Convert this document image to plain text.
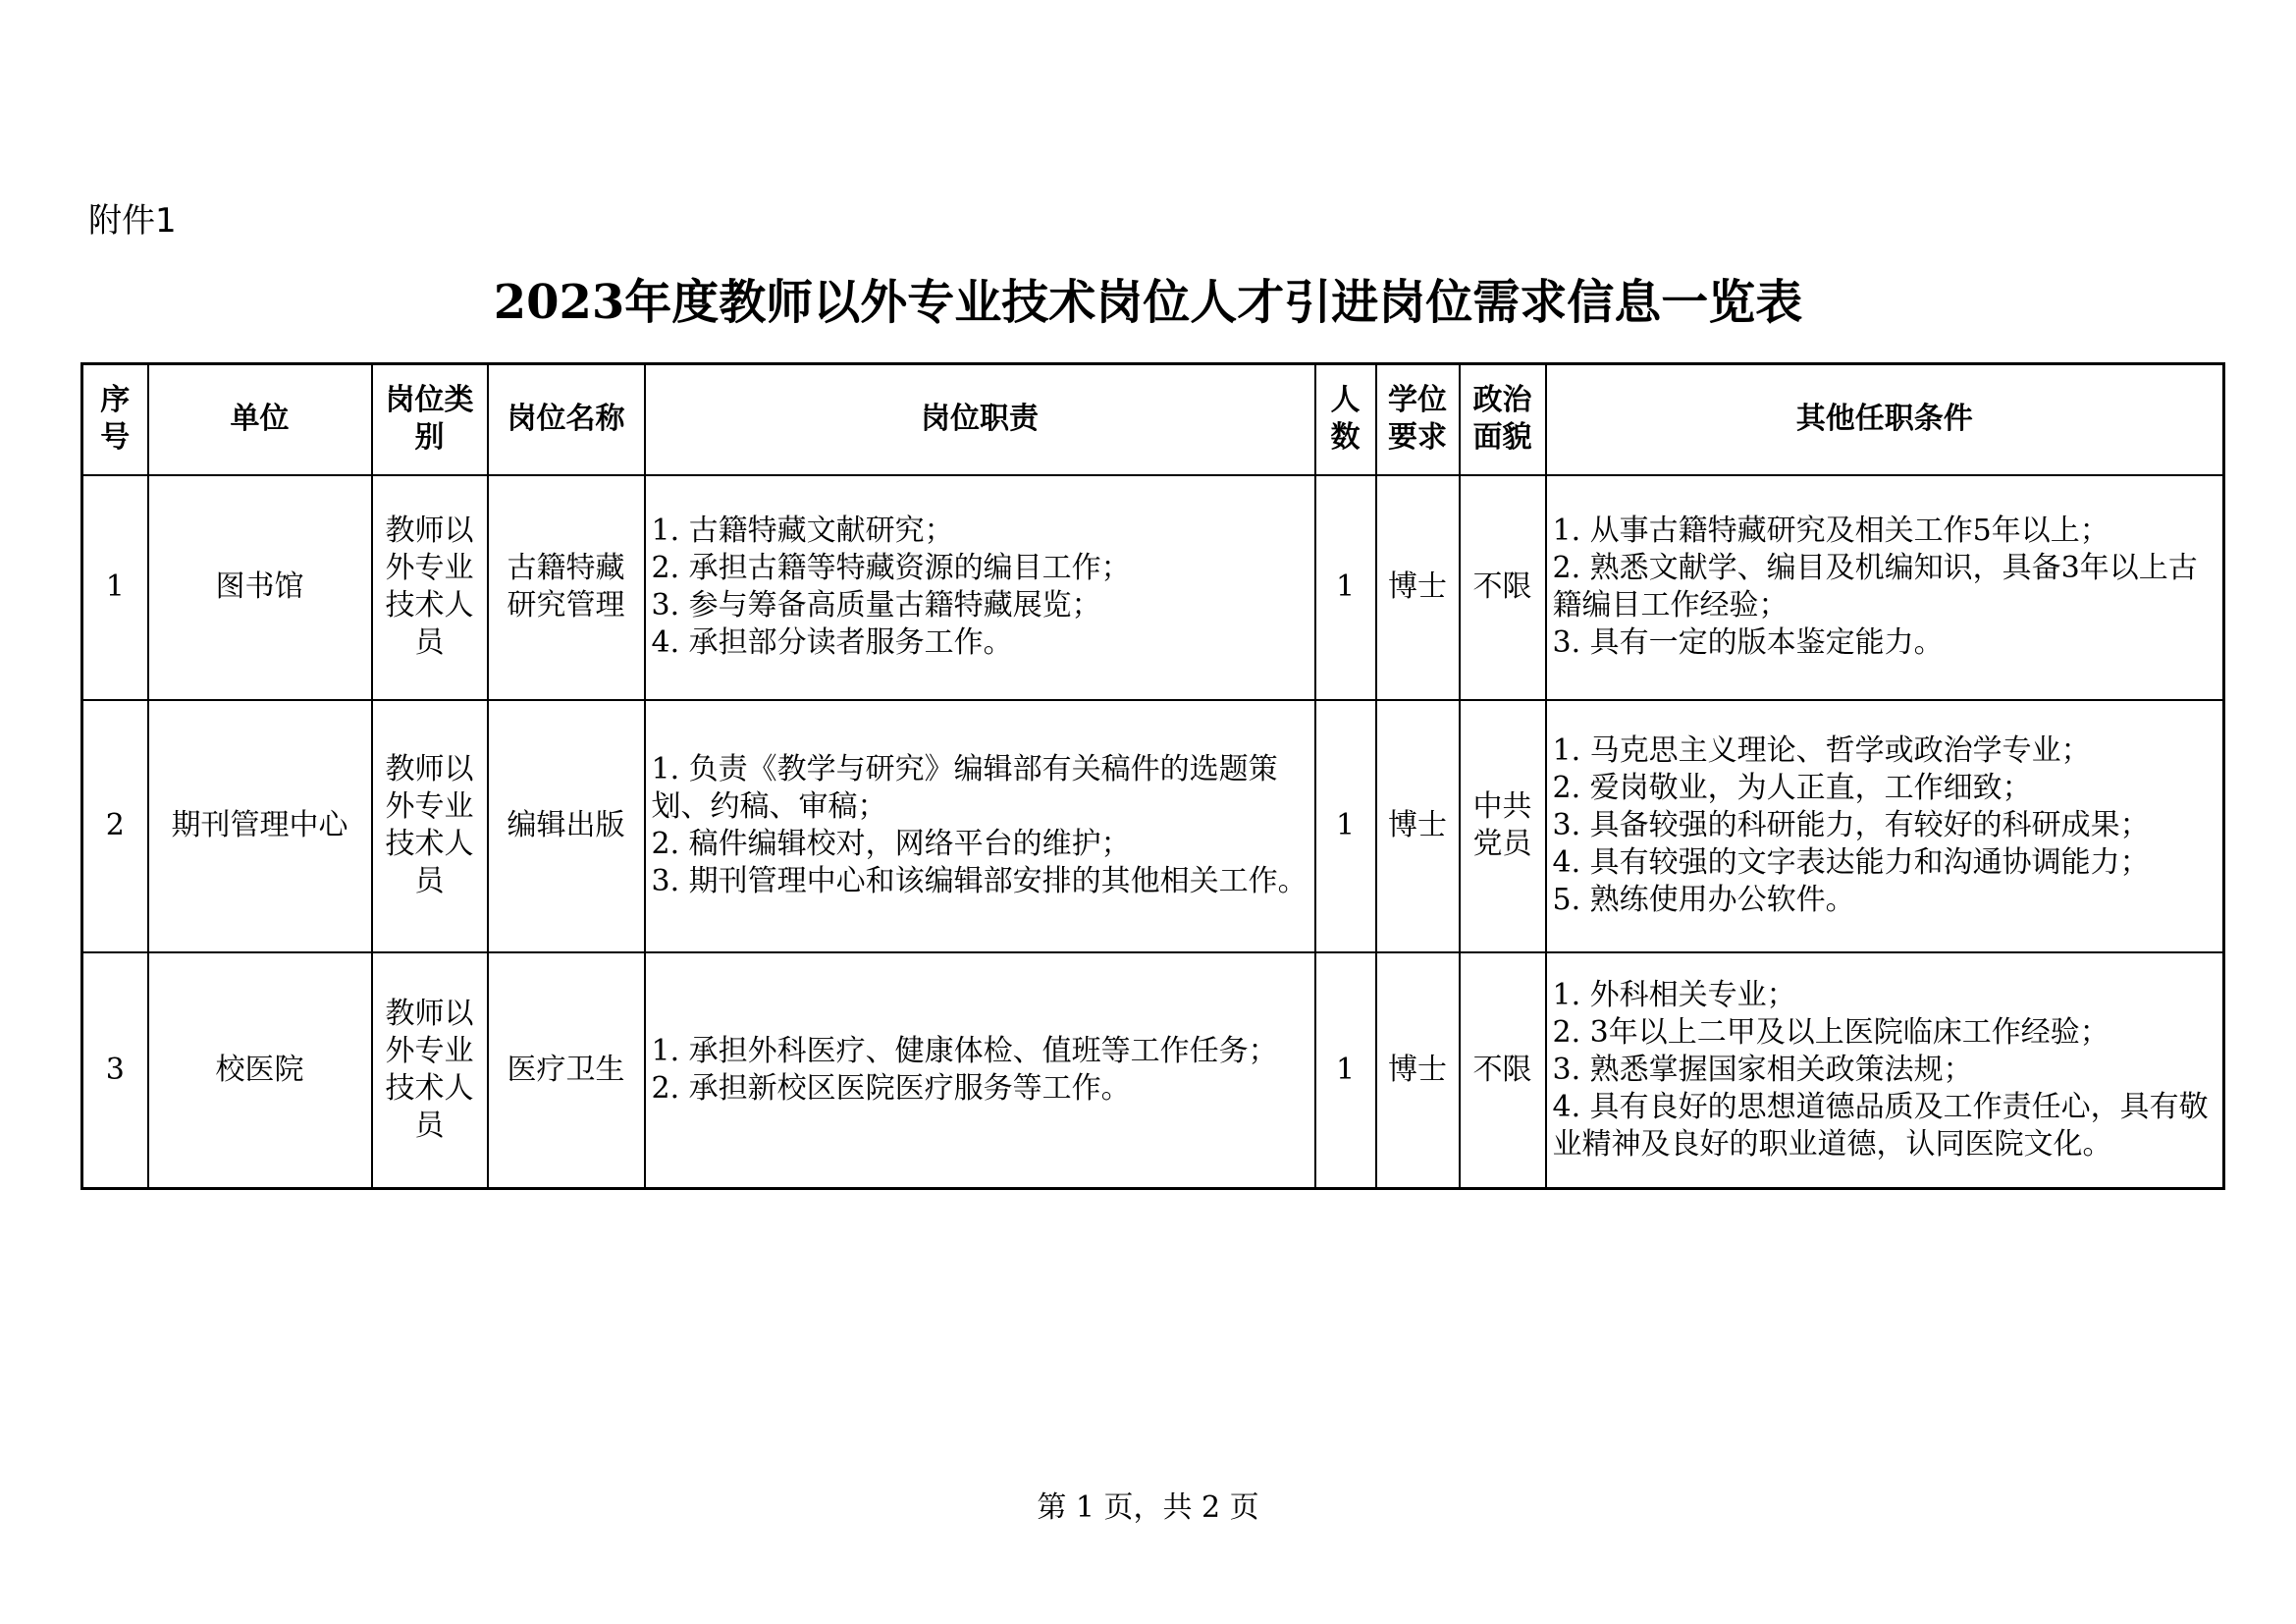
附件1
2023年度教师以外专业技术岗位人才引进岗位需求信息一览表
序号	单位	岗位类别	岗位名称	岗位职责	人数	学位要求	政治面貌	其他任职条件
1	图书馆	教师以外专业技术人员	古籍特藏研究管理	1. 古籍特藏文献研究；
2. 承担古籍等特藏资源的编目工作；
3. 参与筹备高质量古籍特藏展览；
4. 承担部分读者服务工作。	1	博士	不限	1. 从事古籍特藏研究及相关工作5年以上；
2. 熟悉文献学、编目及机编知识，具备3年以上古籍编目工作经验；
3. 具有一定的版本鉴定能力。

2	期刊管理中心	教师以外专业技术人员	编辑出版	1. 负责《教学与研究》编辑部有关稿件的选题策划、约稿、审稿；
2. 稿件编辑校对，网络平台的维护；
3. 期刊管理中心和该编辑部安排的其他相关工作。	1	博士	中共党员	1. 马克思主义理论、哲学或政治学专业；
2. 爱岗敬业，为人正直，工作细致；
3. 具备较强的科研能力，有较好的科研成果；
4. 具有较强的文字表达能力和沟通协调能力；
5. 熟练使用办公软件。

3	校医院	教师以外专业技术人员	医疗卫生	1. 承担外科医疗、健康体检、值班等工作任务；
2. 承担新校区医院医疗服务等工作。	1	博士	不限	1. 外科相关专业；
2. 3年以上二甲及以上医院临床工作经验；
3. 熟悉掌握国家相关政策法规；
4. 具有良好的思想道德品质及工作责任心，具有敬业精神及良好的职业道德，认同医院文化。
第 1 页，共 2 页
